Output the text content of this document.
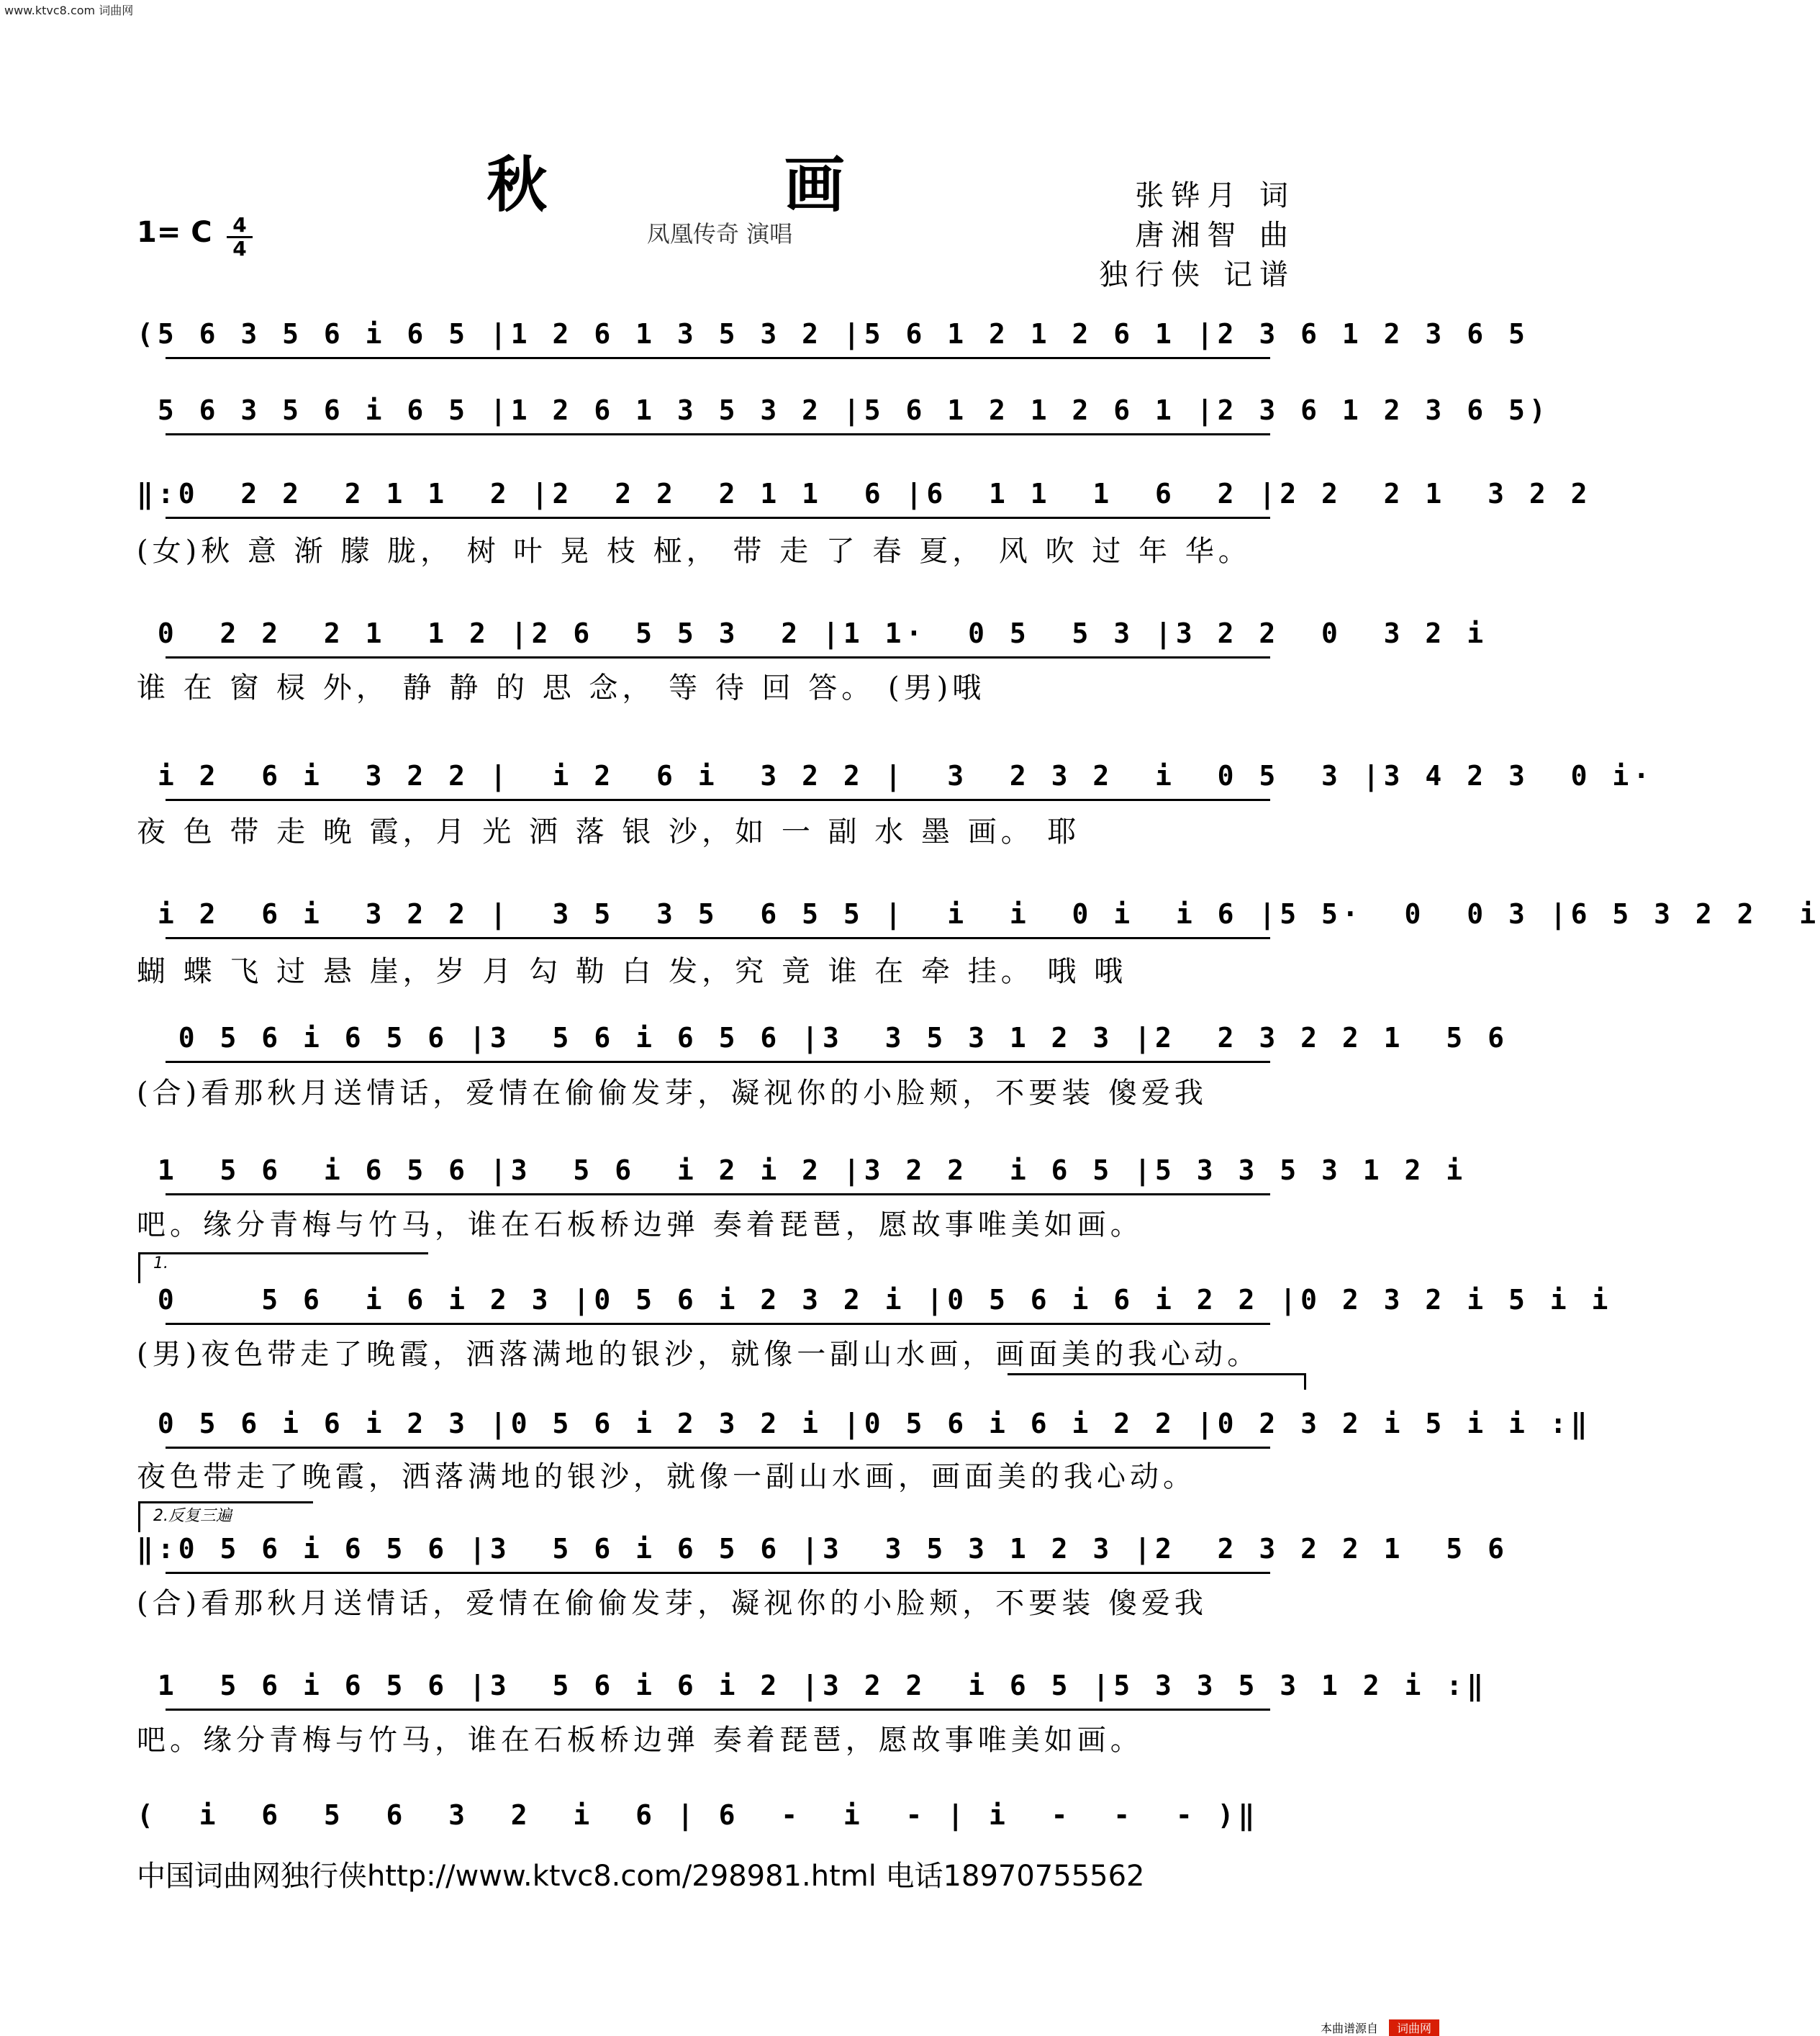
www.ktvc8.com 词曲网
秋 画
凤凰传奇 演唱
1= C 4
4
张铧月 词
唐湘智 曲
独行侠 记谱
(5 6 3 5 6 i 6 5 |1 2 6 1 3 5 3 2 |5 6 1 2 1 2 6 1 |2 3 6 1 2 3 6 5
5 6 3 5 6 i 6 5 |1 2 6 1 3 5 3 2 |5 6 1 2 1 2 6 1 |2 3 6 1 2 3 6 5)
‖:0  2 2  2 1 1  2 |2  2 2  2 1 1  6 |6  1 1  1  6  2 |2 2  2 1  3 2 2
(女)秋 意 渐 朦 胧， 树 叶 晃 枝 桠， 带 走 了 春 夏， 风 吹 过 年 华。
0  2 2  2 1  1 2 |2 6  5 5 3  2 |1 1·  0 5  5 3 |3 2 2  0  3 2 i
谁 在 窗 棂 外， 静 静 的 思 念， 等 待 回 答。 (男)哦
i 2  6 i  3 2 2 |  i 2  6 i  3 2 2 |  3  2 3 2  i  0 5  3 |3 4 2 3  0 i·
夜 色 带 走 晚 霞，月 光 洒 落 银 沙，如 一 副 水 墨 画。 耶
i 2  6 i  3 2 2 |  3 5  3 5  6 5 5 |  i  i  0 i  i 6 |5 5·  0  0 3 |6 5 3 2 2  i
蝴 蝶 飞 过 悬 崖，岁 月 勾 勒 白 发，究 竟 谁 在 牵 挂。 哦 哦
0 5 6 i 6 5 6 |3  5 6 i 6 5 6 |3  3 5 3 1 2 3 |2  2 3 2 2 1  5 6
(合)看那秋月送情话，爱情在偷偷发芽，凝视你的小脸颊，不要装 傻爱我
1  5 6  i 6 5 6 |3  5 6  i 2 i 2 |3 2 2  i 6 5 |5 3 3 5 3 1 2 i
吧。缘分青梅与竹马，谁在石板桥边弹 奏着琵琶，愿故事唯美如画。
1.
0    5 6  i 6 i 2 3 |0 5 6 i 2 3 2 i |0 5 6 i 6 i 2 2 |0 2 3 2 i 5 i i
(男)夜色带走了晚霞，洒落满地的银沙，就像一副山水画，画面美的我心动。
0 5 6 i 6 i 2 3 |0 5 6 i 2 3 2 i |0 5 6 i 6 i 2 2 |0 2 3 2 i 5 i i :‖
夜色带走了晚霞，洒落满地的银沙，就像一副山水画，画面美的我心动。
2.反复三遍
‖:0 5 6 i 6 5 6 |3  5 6 i 6 5 6 |3  3 5 3 1 2 3 |2  2 3 2 2 1  5 6
(合)看那秋月送情话，爱情在偷偷发芽，凝视你的小脸颊，不要装 傻爱我
1  5 6 i 6 5 6 |3  5 6 i 6 i 2 |3 2 2  i 6 5 |5 3 3 5 3 1 2 i :‖
吧。缘分青梅与竹马，谁在石板桥边弹 奏着琵琶，愿故事唯美如画。
(  i  6  5  6  3  2  i  6 | 6  -  i  - | i  -  -  - )‖
中国词曲网独行侠http://www.ktvc8.com/298981.html 电话18970755562
本曲谱源自	词曲网
